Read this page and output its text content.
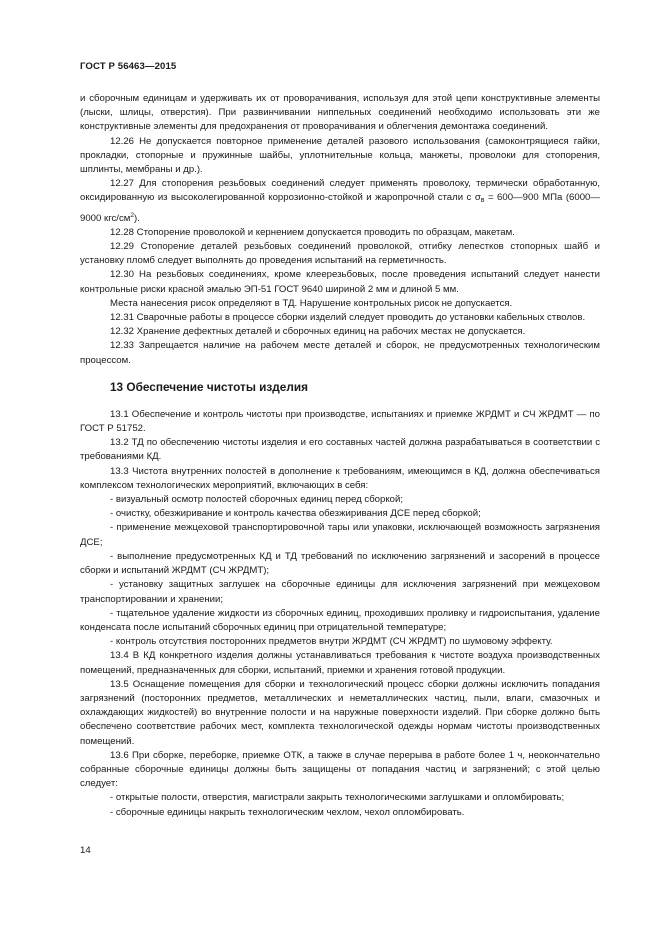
ГОСТ Р 56463—2015

и сборочным единицам и удерживать их от проворачивания, используя для этой цепи конструктивные элементы (лыски, шлицы, отверстия). При развинчивании ниппельных соединений необходимо использовать эти же конструктивные элементы для предохранения от проворачивания и облегчения демонтажа соединений.

12.26 Не допускается повторное применение деталей разового использования (самоконтрящиеся гайки, прокладки, стопорные и пружинные шайбы, уплотнительные кольца, манжеты, проволоки для стопорения, шплинты, мембраны и др.).

12.27 Для стопорения резьбовых соединений следует применять проволоку, термически обработанную, оксидированную из высоколегированной коррозионно-стойкой и жаропрочной стали с $\sigma_в$ = 600—900 МПа (6000—9000 кгс/$см^2$).

12.28 Стопорение проволокой и кернением допускается проводить по образцам, макетам.

12.29 Стопорение деталей резьбовых соединений проволокой, отгибку лепестков стопорных шайб и установку пломб следует выполнять до проведения испытаний на герметичность.

12.30 На резьбовых соединениях, кроме клеерезьбовых, после проведения испытаний следует нанести контрольные риски красной эмалью ЭП-51 ГОСТ 9640 шириной 2 мм и длиной 5 мм.

Места нанесения рисок определяют в ТД. Нарушение контрольных рисок не допускается.

12.31 Сварочные работы в процессе сборки изделий следует проводить до установки кабельных стволов.

12.32 Хранение дефектных деталей и сборочных единиц на рабочих местах не допускается.

12.33 Запрещается наличие на рабочем месте деталей и сборок, не предусмотренных технологическим процессом.

13 Обеспечение чистоты изделия

13.1 Обеспечение и контроль чистоты при производстве, испытаниях и приемке ЖРДМТ и СЧ ЖРДМТ — по ГОСТ Р 51752.

13.2 ТД по обеспечению чистоты изделия и его составных частей должна разрабатываться в соответствии с требованиями КД.

13.3 Чистота внутренних полостей в дополнение к требованиям, имеющимся в КД, должна обеспечиваться комплексом технологических мероприятий, включающих в себя:

- визуальный осмотр полостей сборочных единиц перед сборкой;

- очистку, обезжиривание и контроль качества обезжиривания ДСЕ перед сборкой;

- применение межцеховой транспортировочной тары или упаковки, исключающей возможность загрязнения ДСЕ;

- выполнение предусмотренных КД и ТД требований по исключению загрязнений и засорений в процессе сборки и испытаний ЖРДМТ (СЧ ЖРДМТ);

- установку защитных заглушек на сборочные единицы для исключения загрязнений при межцеховом транспортировании и хранении;

- тщательное удаление жидкости из сборочных единиц, проходивших проливку и гидроиспытания, удаление конденсата после испытаний сборочных единиц при отрицательной температуре;

- контроль отсутствия посторонних предметов внутри ЖРДМТ (СЧ ЖРДМТ) по шумовому эффекту.

13.4 В КД конкретного изделия должны устанавливаться требования к чистоте воздуха производственных помещений, предназначенных для сборки, испытаний, приемки и хранения готовой продукции.

13.5 Оснащение помещения для сборки и технологический процесс сборки должны исключить попадания загрязнений (посторонних предметов, металлических и неметаллических частиц, пыли, влаги, смазочных и охлаждающих жидкостей) во внутренние полости и на наружные поверхности изделий. При сборке должно быть обеспечено соответствие рабочих мест, комплекта технологической одежды нормам чистоты производственных помещений.

13.6 При сборке, переборке, приемке ОТК, а также в случае перерыва в работе более 1 ч, неокончательно собранные сборочные единицы должны быть защищены от попадания частиц и загрязнений; с этой целью следует:

- открытые полости, отверстия, магистрали закрыть технологическими заглушками и опломбировать;

- сборочные единицы накрыть технологическим чехлом, чехол опломбировать.

14
